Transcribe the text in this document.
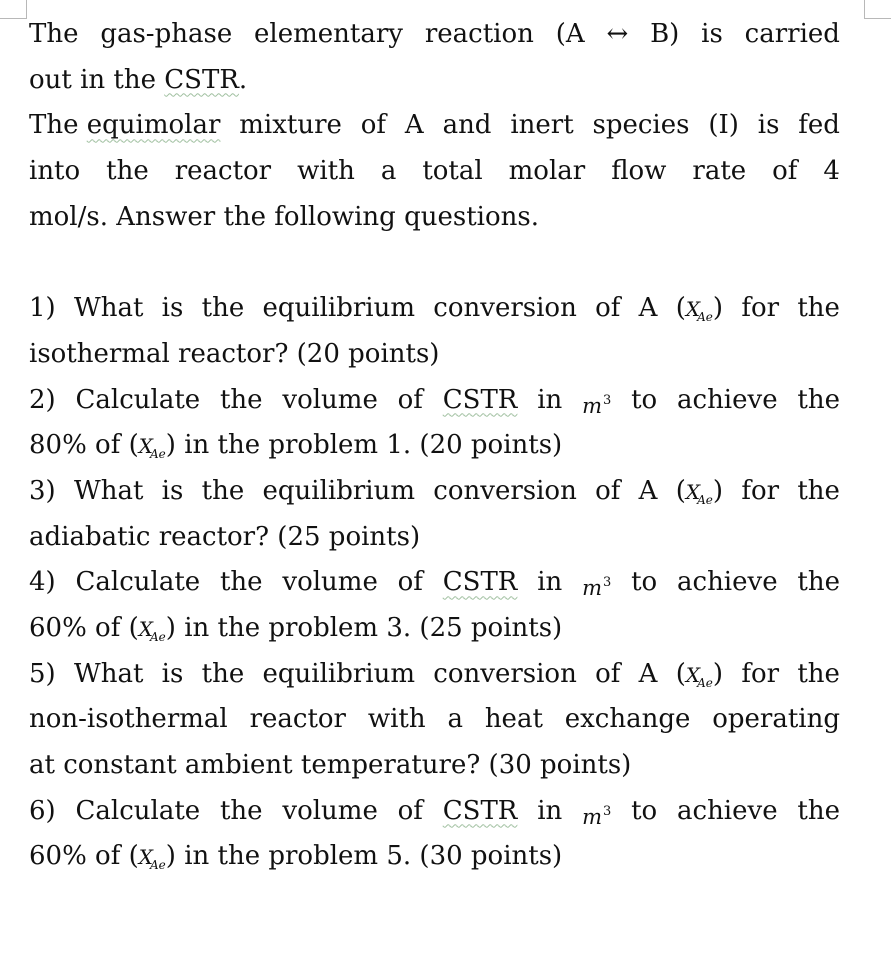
The gas-phase elementary reaction (A ↔ B) is carried
out in the CSTR.
The equimolar mixture of A and inert species (I) is fed
into the reactor with a total molar flow rate of 4
mol/s. Answer the following questions.
1) What is the equilibrium conversion of A $(X_{Ae})$ for the
isothermal reactor? (20 points)
2) Calculate the volume of CSTR in $m^3$ to achieve the
80% of $(X_{Ae})$ in the problem 1. (20 points)
3) What is the equilibrium conversion of A $(X_{Ae})$ for the
adiabatic reactor? (25 points)
4) Calculate the volume of CSTR in $m^3$ to achieve the
60% of $(X_{Ae})$ in the problem 3. (25 points)
5) What is the equilibrium conversion of A $(X_{Ae})$ for the
non-isothermal reactor with a heat exchange operating
at constant ambient temperature? (30 points)
6) Calculate the volume of CSTR in $m^3$ to achieve the
60% of $(X_{Ae})$ in the problem 5. (30 points)
